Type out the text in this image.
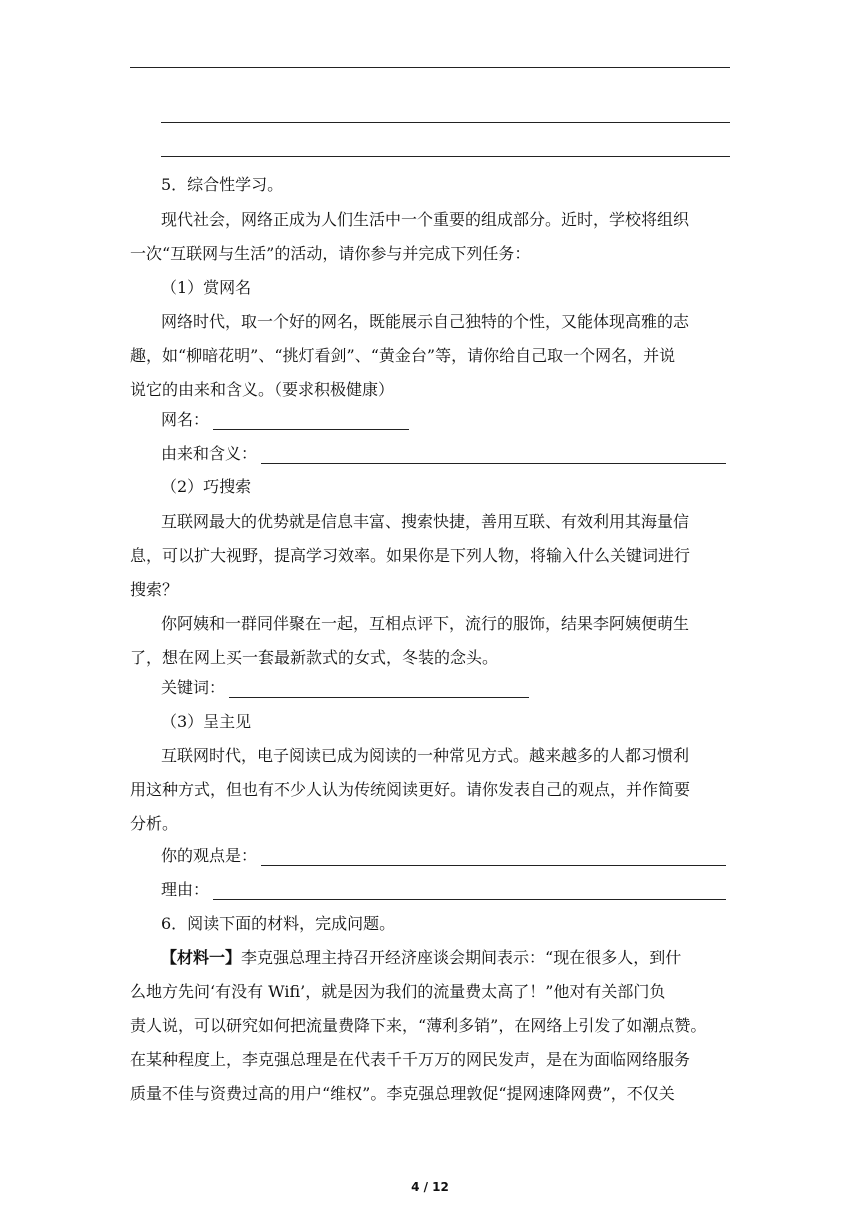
5．综合性学习。
现代社会，网络正成为人们生活中一个重要的组成部分。近时，学校将组织
一次“互联网与生活”的活动，请你参与并完成下列任务：
（1）赏网名
网络时代，取一个好的网名，既能展示自己独特的个性，又能体现高雅的志
趣，如“柳暗花明”、“挑灯看剑”、“黄金台”等，请你给自己取一个网名，并说
说它的由来和含义。（要求积极健康）
网名：
由来和含义：
（2）巧搜索
互联网最大的优势就是信息丰富、搜索快捷，善用互联、有效利用其海量信
息，可以扩大视野，提高学习效率。如果你是下列人物，将输入什么关键词进行
搜索？
你阿姨和一群同伴聚在一起，互相点评下，流行的服饰，结果李阿姨便萌生
了，想在网上买一套最新款式的女式，冬装的念头。
关键词：
（3）呈主见
互联网时代，电子阅读已成为阅读的一种常见方式。越来越多的人都习惯利
用这种方式，但也有不少人认为传统阅读更好。请你发表自己的观点，并作简要
分析。
你的观点是：
理由：
6．阅读下面的材料，完成问题。
【材料一】李克强总理主持召开经济座谈会期间表示：“现在很多人，到什
么地方先问‘有没有 Wifi’，就是因为我们的流量费太高了！”他对有关部门负
责人说，可以研究如何把流量费降下来，“薄利多销”，在网络上引发了如潮点赞。
在某种程度上，李克强总理是在代表千千万万的网民发声，是在为面临网络服务
质量不佳与资费过高的用户“维权”。李克强总理敦促“提网速降网费”，不仅关
4 / 12
